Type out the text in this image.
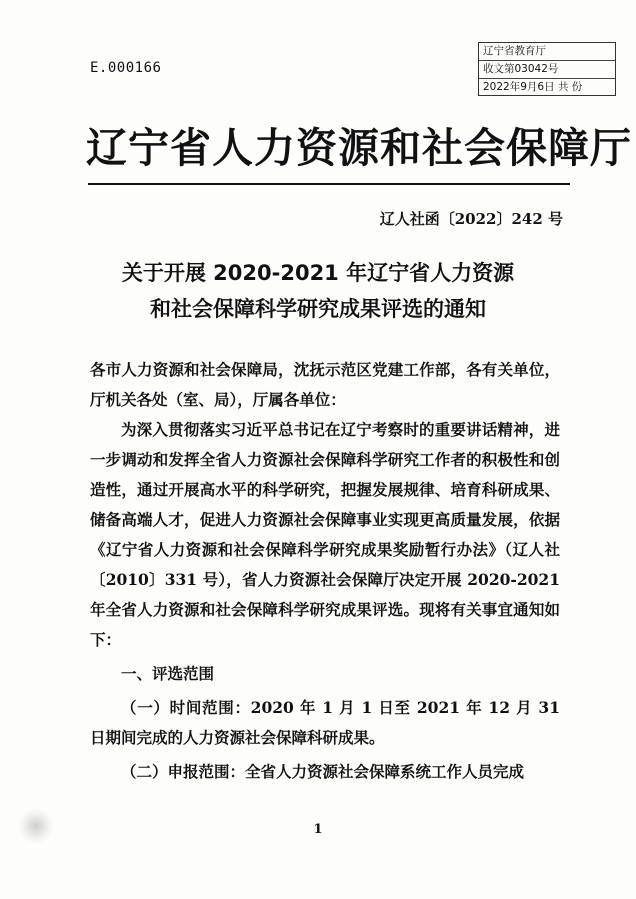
E.000166
辽宁省教育厅
收文第03042号
2022年9月6日 共 份
辽宁省人力资源和社会保障厅
辽人社函〔2022〕242 号
关于开展 2020-2021 年辽宁省人力资源
和社会保障科学研究成果评选的通知

各市人力资源和社会保障局，沈抚示范区党建工作部，各有关单位，厅机关各处（室、局），厅属各单位：

为深入贯彻落实习近平总书记在辽宁考察时的重要讲话精神，进一步调动和发挥全省人力资源社会保障科学研究工作者的积极性和创造性，通过开展高水平的科学研究，把握发展规律、培育科研成果、储备高端人才，促进人力资源社会保障事业实现更高质量发展，依据《辽宁省人力资源和社会保障科学研究成果奖励暂行办法》（辽人社〔2010〕331 号），省人力资源社会保障厅决定开展 2020-2021 年全省人力资源和社会保障科学研究成果评选。现将有关事宜通知如下：

一、评选范围

（一）时间范围：2020 年 1 月 1 日至 2021 年 12 月 31 日期间完成的人力资源社会保障科研成果。

（二）申报范围：全省人力资源社会保障系统工作人员完成

1
